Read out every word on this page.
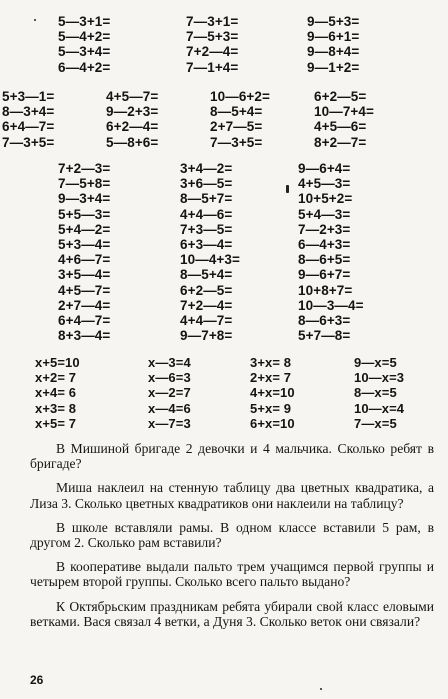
5—3+1=
5—4+2=
5—3+4=
6—4+2=
7—3+1=
7—5+3=
7+2—4=
7—1+4=
9—5+3=
9—6+1=
9—8+4=
9—1+2=
5+3—1=
8—3+4=
6+4—7=
7—3+5=
4+5—7=
9—2+3=
6+2—4=
5—8+6=
10—6+2=
8—5+4=
2+7—5=
7—3+5=
6+2—5=
10—7+4=
4+5—6=
8+2—7=
7+2—3=
7—5+8=
9—3+4=
5+5—3=
5+4—2=
5+3—4=
4+6—7=
3+5—4=
4+5—7=
2+7—4=
6+4—7=
8+3—4=
3+4—2=
3+6—5=
8—5+7=
4+4—6=
7+3—5=
6+3—4=
10—4+3=
8—5+4=
6+2—5=
7+2—4=
4+4—7=
9—7+8=
9—6+4=
4+5—3=
10+5+2=
5+4—3=
7—2+3=
6—4+3=
8—6+5=
9—6+7=
10+8+7=
10—3—4=
8—6+3=
5+7—8=
x+5=10
x+2= 7
x+4= 6
x+3= 8
x+5= 7
x—3=4
x—6=3
x—2=7
x—4=6
x—7=3
3+x= 8
2+x= 7
4+x=10
5+x= 9
6+x=10
9—x=5
10—x=3
8—x=5
10—x=4
7—x=5

В Мишиной бригаде 2 девочки и 4 мальчика. Сколько ребят в бригаде?

Миша наклеил на стенную таблицу два цветных квадратика, а Лиза 3. Сколько цветных квадратиков они наклеили на таблицу?

В школе вставляли рамы. В одном классе вставили 5 рам, в другом 2. Сколько рам вставили?

В кооперативе выдали пальто трем учащимся первой группы и четырем второй группы. Сколько всего пальто выдано?

К Октябрьским праздникам ребята убирали свой класс еловыми ветками. Вася связал 4 ветки, а Дуня 3. Сколько веток они связали?

26
